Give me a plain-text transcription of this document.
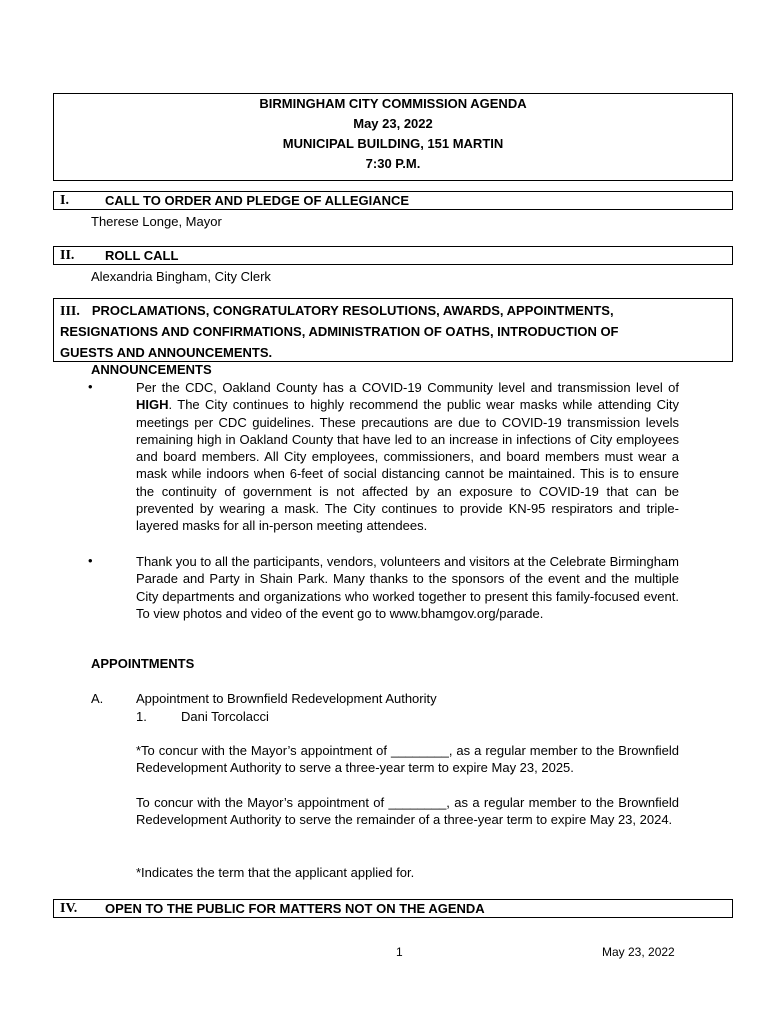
BIRMINGHAM CITY COMMISSION AGENDA
May 23, 2022
MUNICIPAL BUILDING, 151 MARTIN
7:30 P.M.
I.	CALL TO ORDER AND PLEDGE OF ALLEGIANCE
Therese Longe, Mayor
II. ROLL CALL
Alexandria Bingham, City Clerk
III. PROCLAMATIONS, CONGRATULATORY RESOLUTIONS, AWARDS, APPOINTMENTS,
RESIGNATIONS AND CONFIRMATIONS, ADMINISTRATION OF OATHS, INTRODUCTION OF
GUESTS AND ANNOUNCEMENTS.
ANNOUNCEMENTS
•	Per the CDC, Oakland County has a COVID-19 Community level and transmission level of HIGH. The City continues to highly recommend the public wear masks while attending City meetings per CDC guidelines. These precautions are due to COVID-19 transmission levels remaining high in Oakland County that have led to an increase in infections of City employees and board members. All City employees, commissioners, and board members must wear a mask while indoors when 6-feet of social distancing cannot be maintained. This is to ensure the continuity of government is not affected by an exposure to COVID-19 that can be prevented by wearing a mask. The City continues to provide KN-95 respirators and triple-layered masks for all in-person meeting attendees.
•	Thank you to all the participants, vendors, volunteers and visitors at the Celebrate Birmingham Parade and Party in Shain Park. Many thanks to the sponsors of the event and the multiple City departments and organizations who worked together to present this family-focused event. To view photos and video of the event go to www.bhamgov.org/parade.
APPOINTMENTS
A.	Appointment to Brownfield Redevelopment Authority
1.	Dani Torcolacci
*To concur with the Mayor’s appointment of ________, as a regular member to the Brownfield Redevelopment Authority to serve a three-year term to expire May 23, 2025.
To concur with the Mayor’s appointment of ________, as a regular member to the Brownfield Redevelopment Authority to serve the remainder of a three-year term to expire May 23, 2024.
*Indicates the term that the applicant applied for.
IV. OPEN TO THE PUBLIC FOR MATTERS NOT ON THE AGENDA
1	May 23, 2022
